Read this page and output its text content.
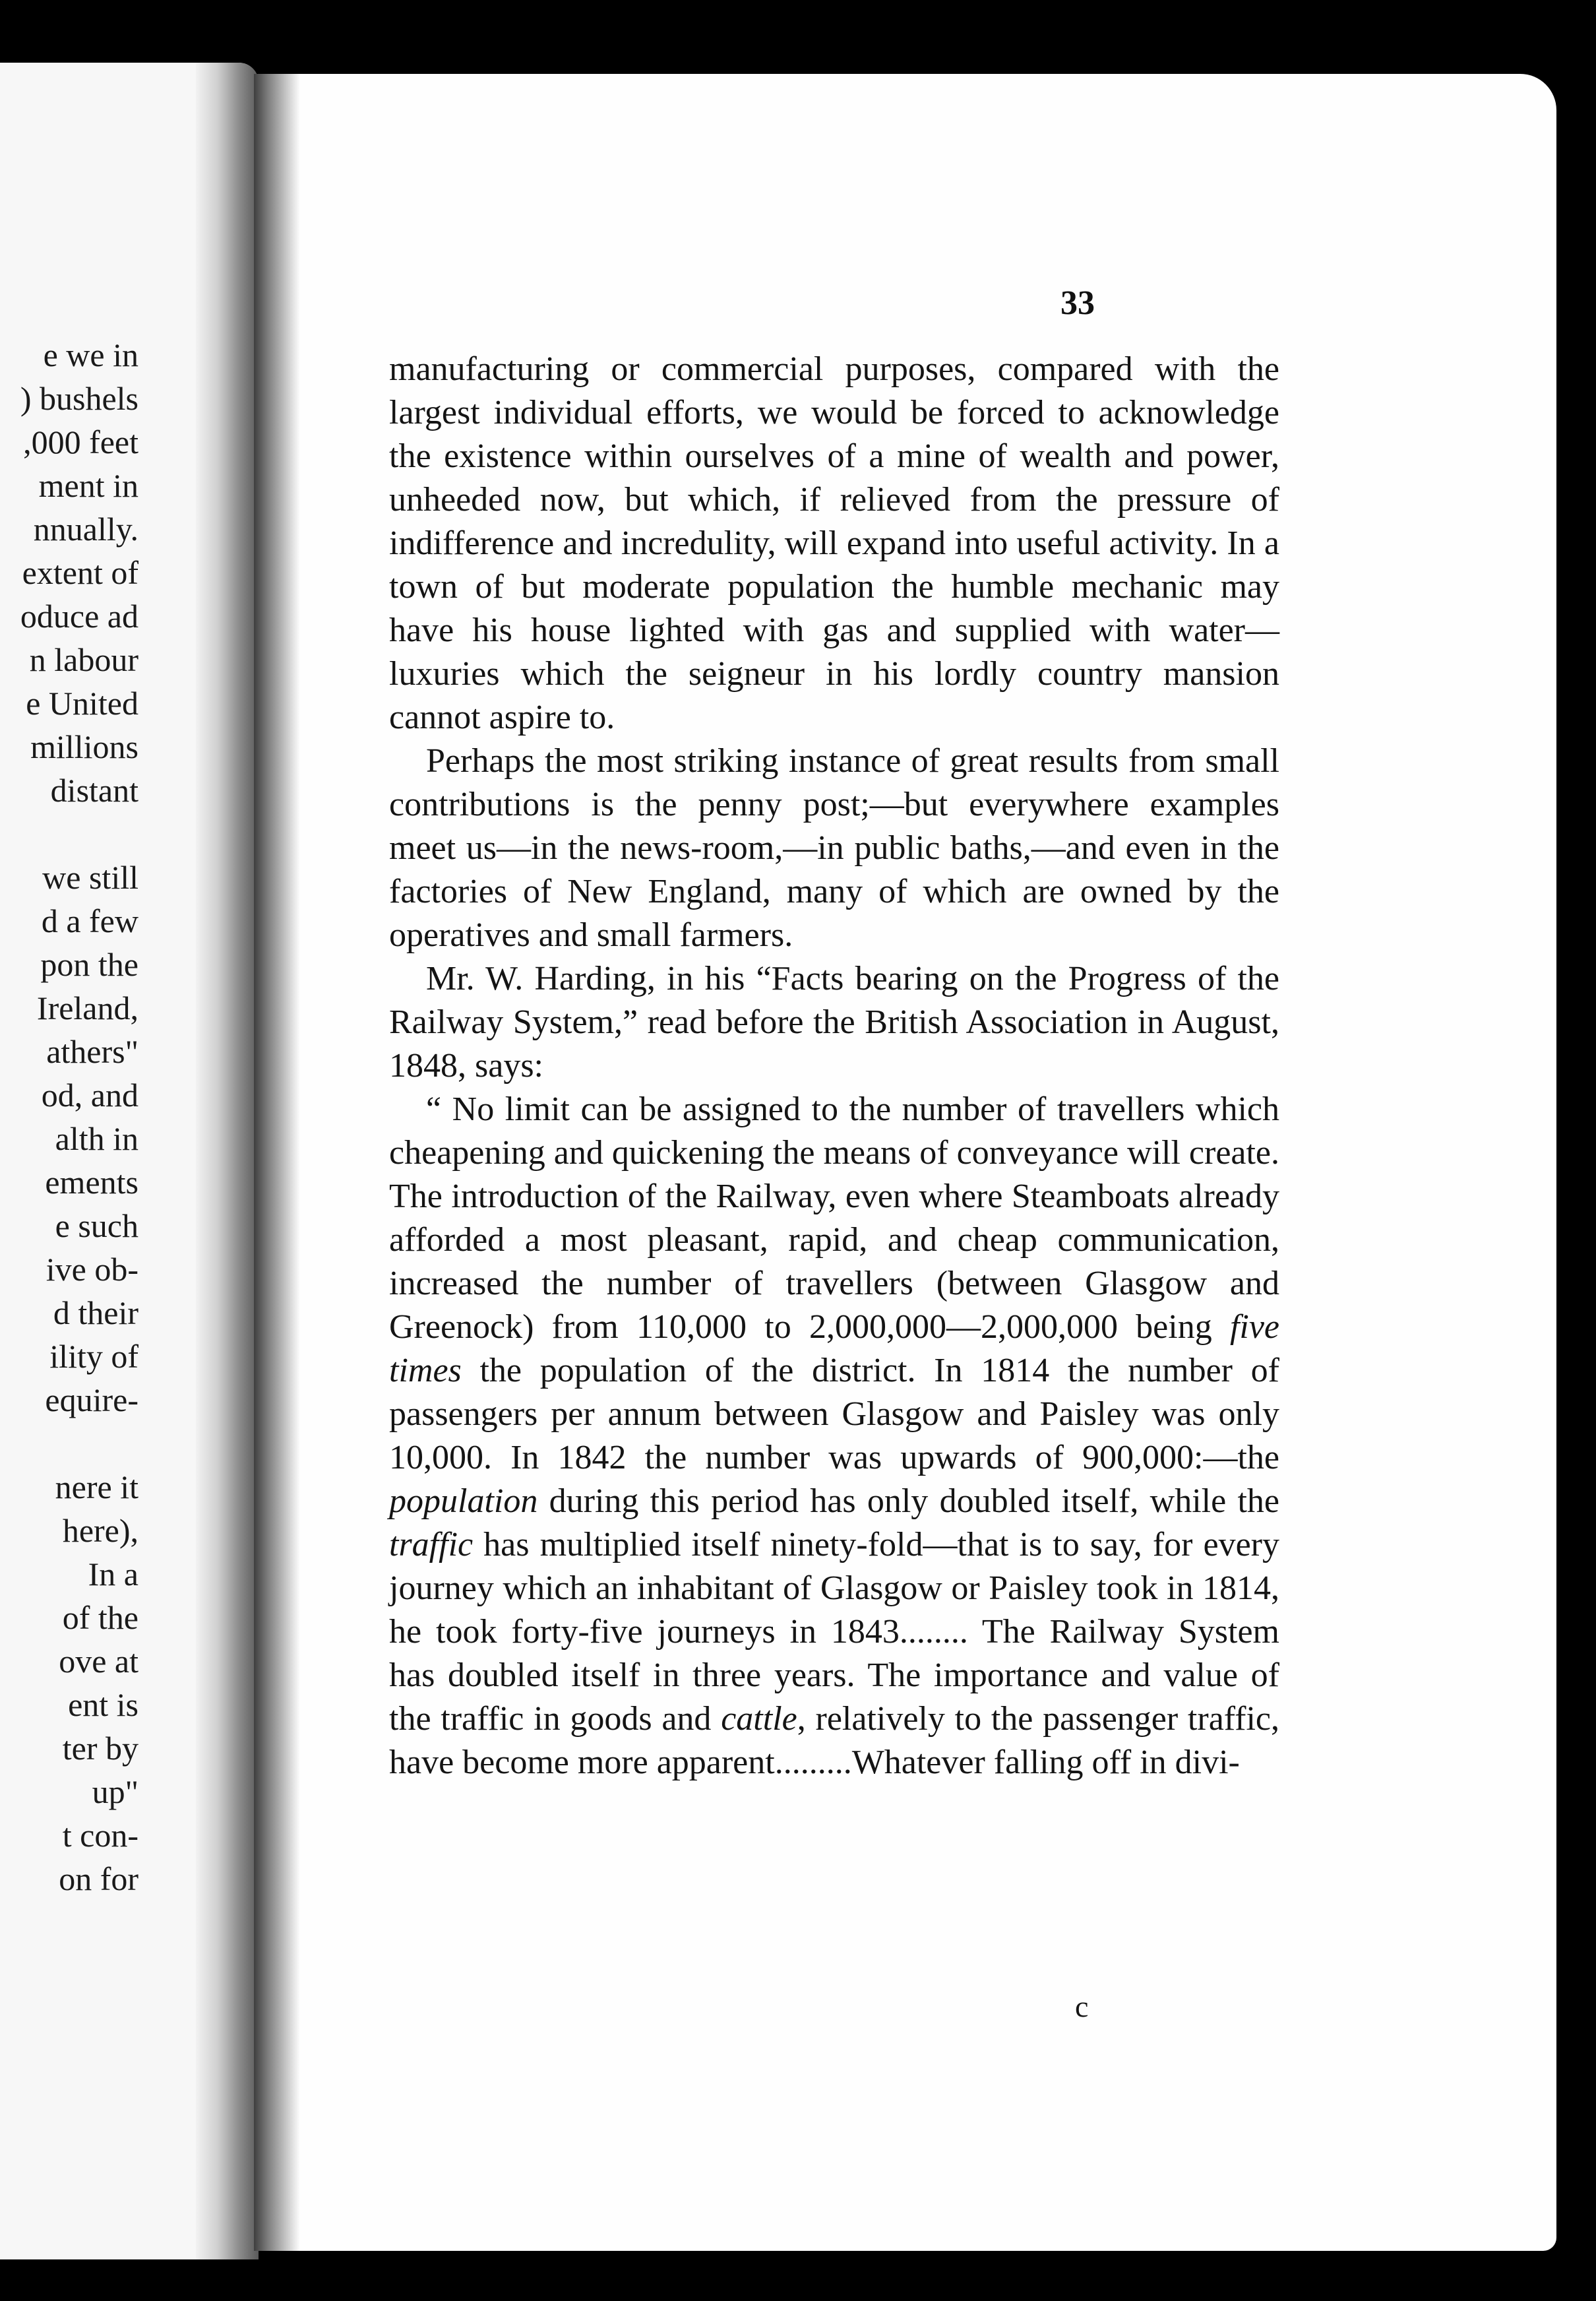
e we in
) bushels
,000 feet
ment in
nnually.
extent of
oduce ad
n labour
e United
millions
distant
we still
d a few
pon the
Ireland,
athers"
od, and
alth in
ements
e such
ive ob-
d their
ility of
equire-
nere it
here),
In a
of the
ove at
ent is
ter by
up"
t con-
on for
33

manufacturing or commercial purposes, compared with the largest individual efforts, we would be forced to acknowledge the existence within ourselves of a mine of wealth and power, unheeded now, but which, if relieved from the pressure of indifference and incredulity, will expand into useful activity. In a town of but moderate population the humble mechanic may have his house lighted with gas and supplied with water—luxuries which the seigneur in his lordly country mansion cannot aspire to.

Perhaps the most striking instance of great results from small contributions is the penny post;—but everywhere examples meet us—in the news-room,—in public baths,—and even in the factories of New England, many of which are owned by the operatives and small farmers.

Mr. W. Harding, in his “Facts bearing on the Progress of the Railway System,” read before the British Association in August, 1848, says:

“ No limit can be assigned to the number of travellers which cheapening and quickening the means of conveyance will create. The introduction of the Railway, even where Steamboats already afforded a most pleasant, rapid, and cheap communication, increased the number of travellers (between Glasgow and Greenock) from 110,000 to 2,000,000—2,000,000 being five times the population of the district. In 1814 the number of passengers per annum between Glasgow and Paisley was only 10,000. In 1842 the number was upwards of 900,000:—the population during this period has only doubled itself, while the traffic has multiplied itself ninety-fold—that is to say, for every journey which an inhabitant of Glasgow or Paisley took in 1814, he took forty-five journeys in 1843........ The Railway System has doubled itself in three years. The importance and value of the traffic in goods and cattle, relatively to the passenger traffic, have become more apparent.........Whatever falling off in divi-

c
